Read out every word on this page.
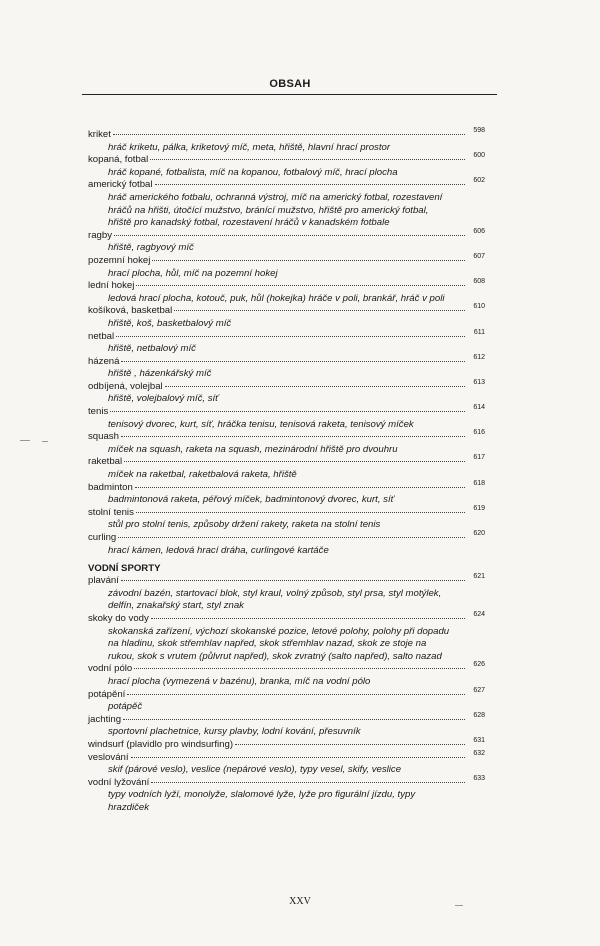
OBSAH
kriket	598
hráč kriketu, pálka, kriketový míč, meta, hřiště, hlavní hrací prostor
kopaná, fotbal	600
hráč kopané, fotbalista, míč na kopanou, fotbalový míč, hrací plocha
americký fotbal	602
hráč amerického fotbalu, ochranná výstroj, míč na americký fotbal, rozestavení hráčů na hřišti, útočící mužstvo, bránící mužstvo, hřiště pro americký fotbal, hřiště pro kanadský fotbal, rozestavení hráčů v kanadském fotbale
ragby	606
hřiště, ragbyový míč
pozemní hokej	607
hrací plocha, hůl, míč na pozemní hokej
lední hokej	608
ledová hrací plocha, kotouč, puk, hůl (hokejka) hráče v poli, brankář, hráč v poli
košíková, basketbal	610
hřiště, koš, basketbalový míč
netbal	611
hřiště, netbalový míč
házená	612
hřiště , házenkářský míč
odbíjená, volejbal	613
hřiště, volejbalový míč, síť
tenis	614
tenisový dvorec, kurt, síť, hráčka tenisu, tenisová raketa, tenisový míček
squash	616
míček na squash, raketa na squash, mezinárodní hřiště pro dvouhru
raketbal	617
míček na raketbal, raketbalová raketa, hřiště
badminton	618
badmintonová raketa, péřový míček, badmintonový dvorec, kurt, síť
stolní tenis	619
stůl pro stolní tenis, způsoby držení rakety, raketa na stolní tenis
curling	620
hrací kámen, ledová hrací dráha, curlingové kartáče
VODNÍ SPORTY
plavání	621
závodní bazén, startovací blok, styl kraul, volný způsob, styl prsa, styl motýlek, delfín, znakařský start, styl znak
skoky do vody	624
skokanská zařízení, výchozí skokanské pozice, letové polohy, polohy při dopadu na hladinu, skok střemhlav napřed, skok střemhlav nazad, skok ze stoje na rukou, skok s vrutem (půlvrut napřed), skok zvratný (salto napřed), salto nazad
vodní pólo	626
hrací plocha (vymezená v bazénu), branka, míč na vodní pólo
potápění	627
potápěč
jachting	628
sportovní plachetnice, kursy plavby, lodní kování, přesuvník
windsurf (plavidlo pro windsurfing)	631
veslování	632
skif (párové veslo), veslice (nepárové veslo), typy vesel, skify, veslice
vodní lyžování	633
typy vodních lyží, monolyže, slalomové lyže, lyže pro figurální jízdu, typy hrazdiček
XXV
